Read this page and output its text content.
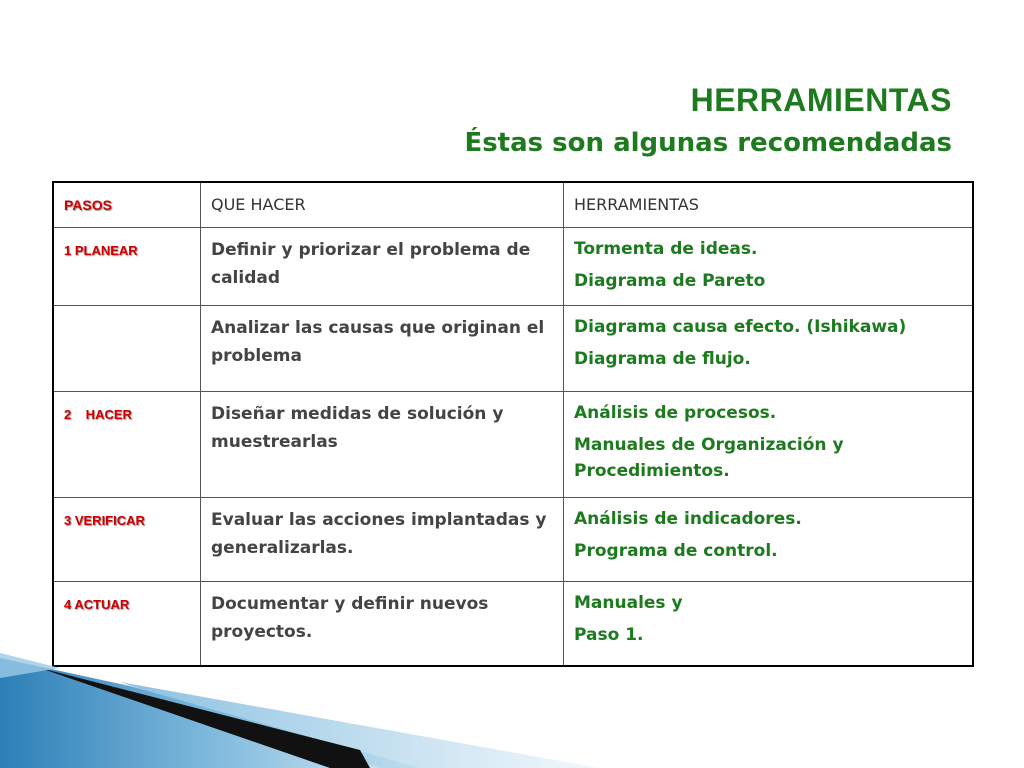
HERRAMIENTAS
Éstas son algunas recomendadas
PASOS	QUE HACER	HERRAMIENTAS
1 PLANEAR	Definir y priorizar el problema de calidad	Tormenta de ideas.
Diagrama de Pareto

	Analizar las causas que originan el problema	Diagrama causa efecto. (Ishikawa)
Diagrama de flujo.

2    HACER	Diseñar medidas de solución y muestrearlas	Análisis de procesos.
Manuales de Organización y Procedimientos.

3 VERIFICAR	Evaluar las acciones implantadas y generalizarlas.	Análisis de indicadores.
Programa de control.

4 ACTUAR	Documentar y definir nuevos proyectos.	Manuales y
Paso 1.
